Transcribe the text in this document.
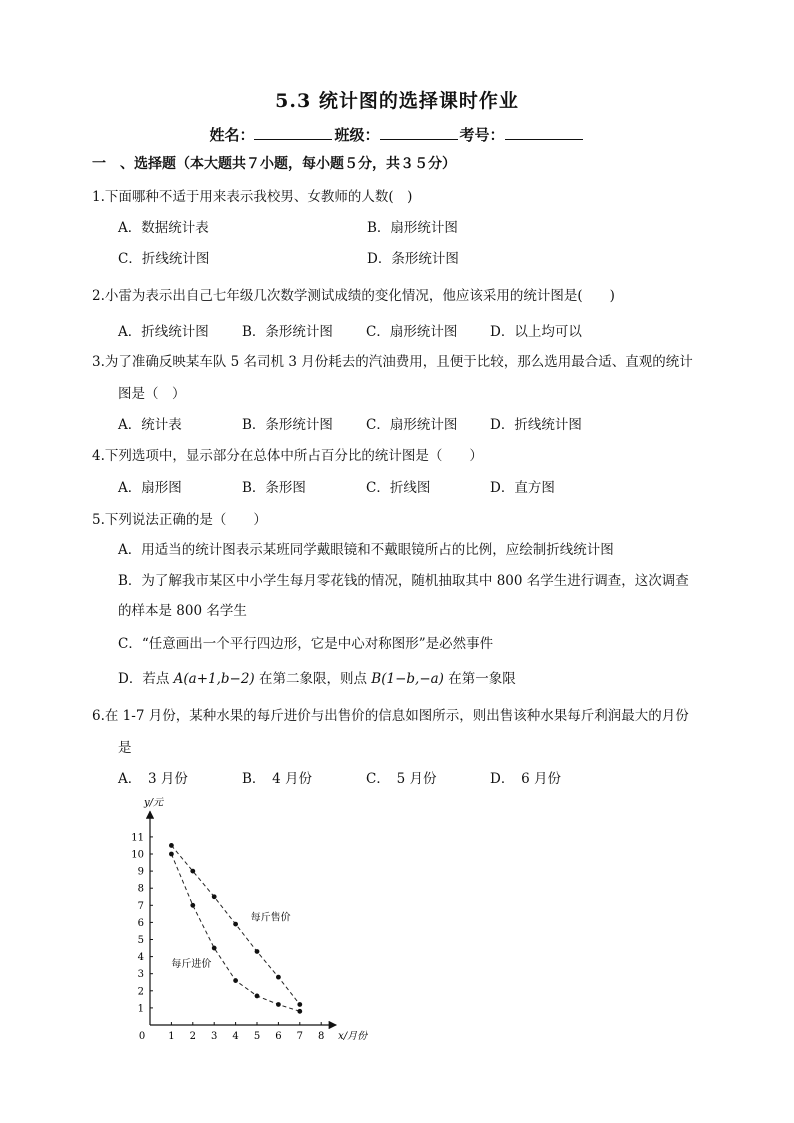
5.3 统计图的选择课时作业
姓名：	班级：	考号：
一　、选择题（本大题共７小题，每小题５分，共３５分）
1.下面哪种不适于用来表示我校男、女教师的人数(　)
A．数据统计表	B．扇形统计图
C．折线统计图	D．条形统计图
2.小雷为表示出自己七年级几次数学测试成绩的变化情况，他应该采用的统计图是(　　)
A．折线统计图 B．条形统计图 C．扇形统计图 D．以上均可以
3.为了准确反映某车队 5 名司机 3 月份耗去的汽油费用，且便于比较，那么选用最合适、直观的统计
图是（　）
A．统计表	B．条形统计图 C．扇形统计图 D．折线统计图
4.下列选项中，显示部分在总体中所占百分比的统计图是（　　）
A．扇形图	B．条形图	C．折线图	D．直方图
5.下列说法正确的是（　　）
A．用适当的统计图表示某班同学戴眼镜和不戴眼镜所占的比例，应绘制折线统计图
B．为了解我市某区中小学生每月零花钱的情况，随机抽取其中 800 名学生进行调查，这次调查
的样本是 800 名学生
C．“任意画出一个平行四边形，它是中心对称图形”是必然事件
D．若点 A(a+1,b−2) 在第二象限，则点 B(1−b,−a) 在第一象限
6.在 1-7 月份，某种水果的每斤进价与出售价的信息如图所示，则出售该种水果每斤利润最大的月份
是
A．　3 月份	B．　4 月份	C．　5 月份	D．　6 月份
0 1 2 3 4 5 6 7 8
1
2
3
4
5
6
7
8
9
10
11
x/月份
y/元
每斤售价
每斤进价
